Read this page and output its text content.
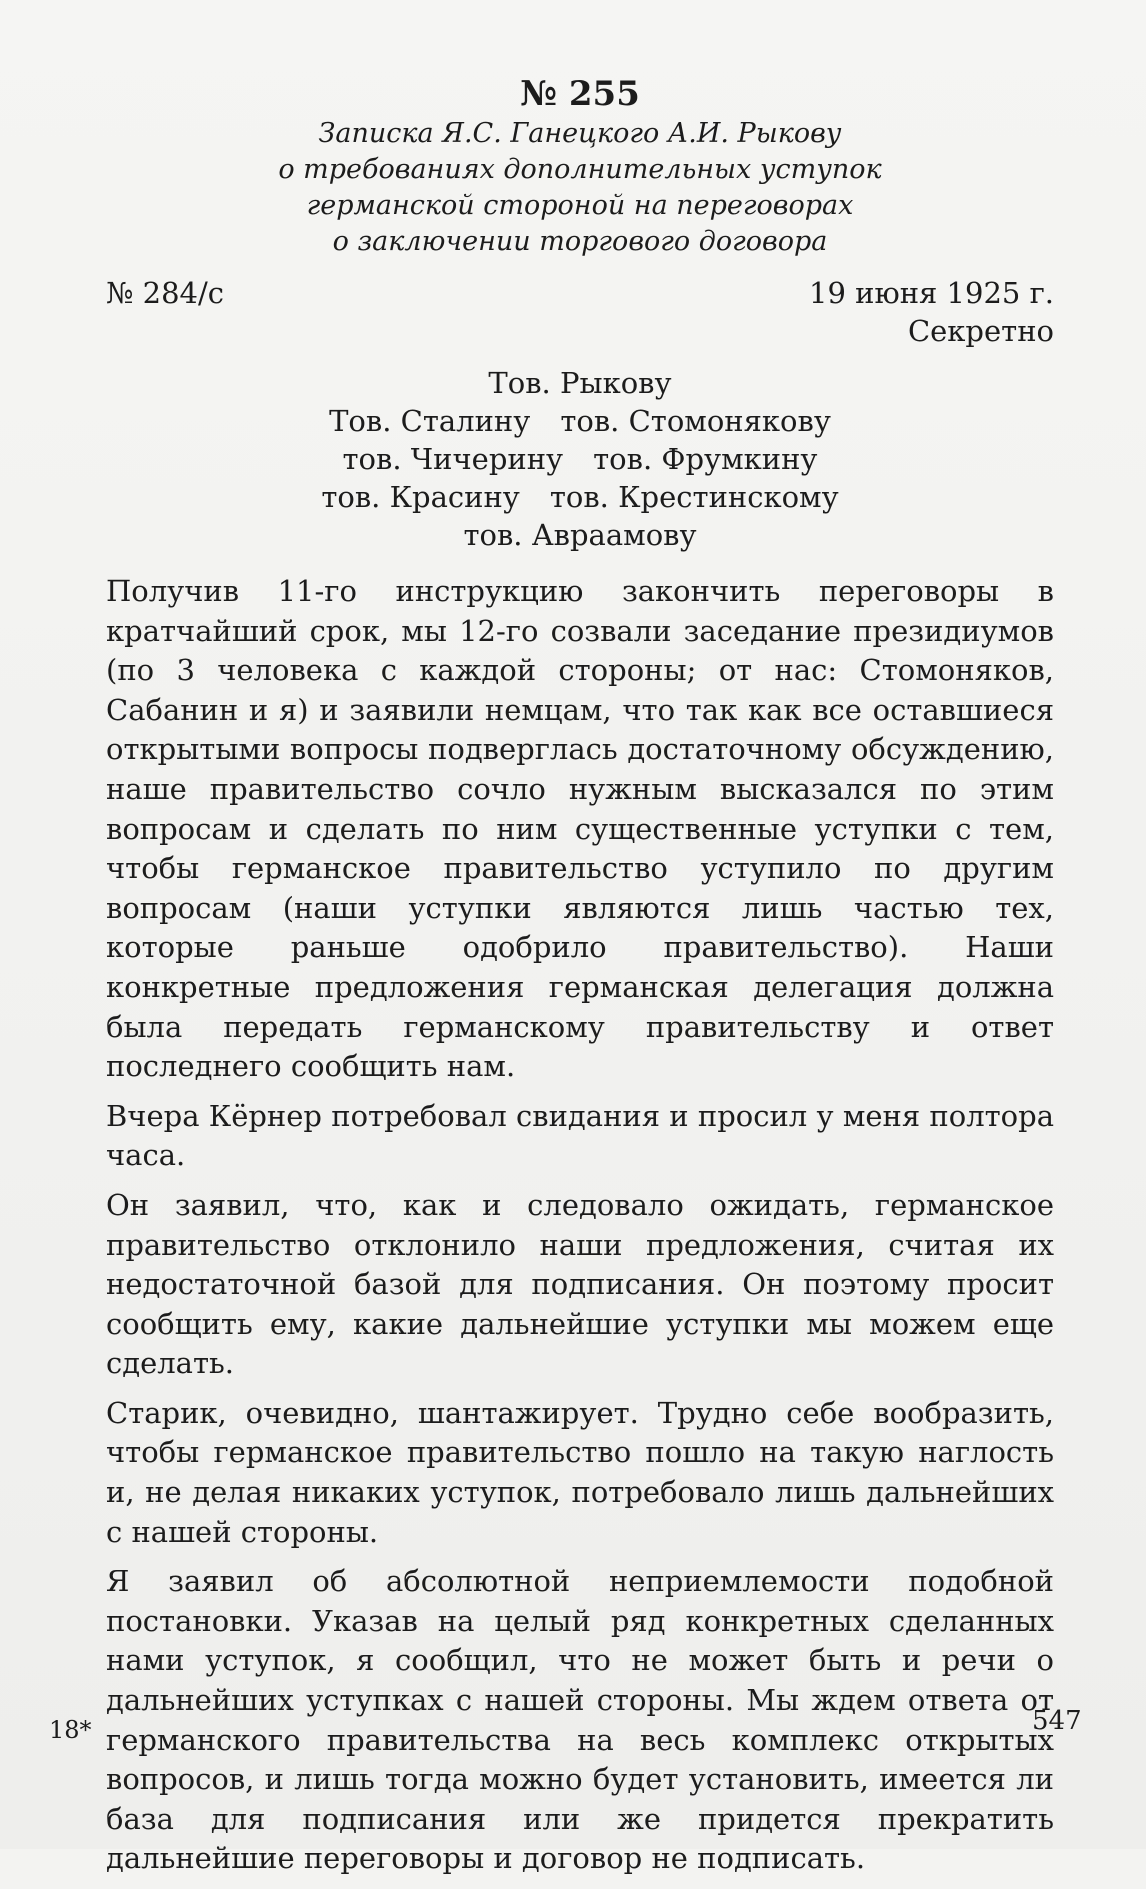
№ 255

Записка Я.С. Ганецкого А.И. Рыкову

о требованиях дополнительных уступок

германской стороной на переговорах

о заключении торгового договора

№ 284/с	19 июня 1925 г.
Секретно
Тов. Рыкову
Тов. Сталину тов. Стомонякову
тов. Чичерину тов. Фрумкину
тов. Красину тов. Крестинскому
тов. Авраамову

Получив 11-го инструкцию закончить переговоры в кратчайший срок, мы 12-го созвали заседание президиумов (по 3 человека с каждой стороны; от нас: Стомоняков, Сабанин и я) и заявили немцам, что так как все оставшиеся открытыми вопросы подверглась достаточному обсуждению, наше правительство сочло нужным высказался по этим вопросам и сделать по ним существенные уступки с тем, чтобы германское правительство уступило по другим вопросам (наши уступки являются лишь частью тех, которые раньше одобрило правительство). Наши конкретные предложения германская делегация должна была передать германскому правительству и ответ последнего сообщить нам.

Вчера Кёрнер потребовал свидания и просил у меня полтора часа.

Он заявил, что, как и следовало ожидать, германское правительство отклонило наши предложения, считая их недостаточной базой для подписания. Он поэтому просит сообщить ему, какие дальнейшие уступки мы можем еще сделать.

Старик, очевидно, шантажирует. Трудно себе вообразить, чтобы германское правительство пошло на такую наглость и, не делая никаких уступок, потребовало лишь дальнейших с нашей стороны.

Я заявил об абсолютной неприемлемости подобной постановки. Указав на целый ряд конкретных сделанных нами уступок, я сообщил, что не может быть и речи о дальнейших уступках с нашей стороны. Мы ждем ответа от германского правительства на весь комплекс открытых вопросов, и лишь тогда можно будет установить, имеется ли база для подписания или же придется прекратить дальнейшие переговоры и договор не подписать.

18*	547
